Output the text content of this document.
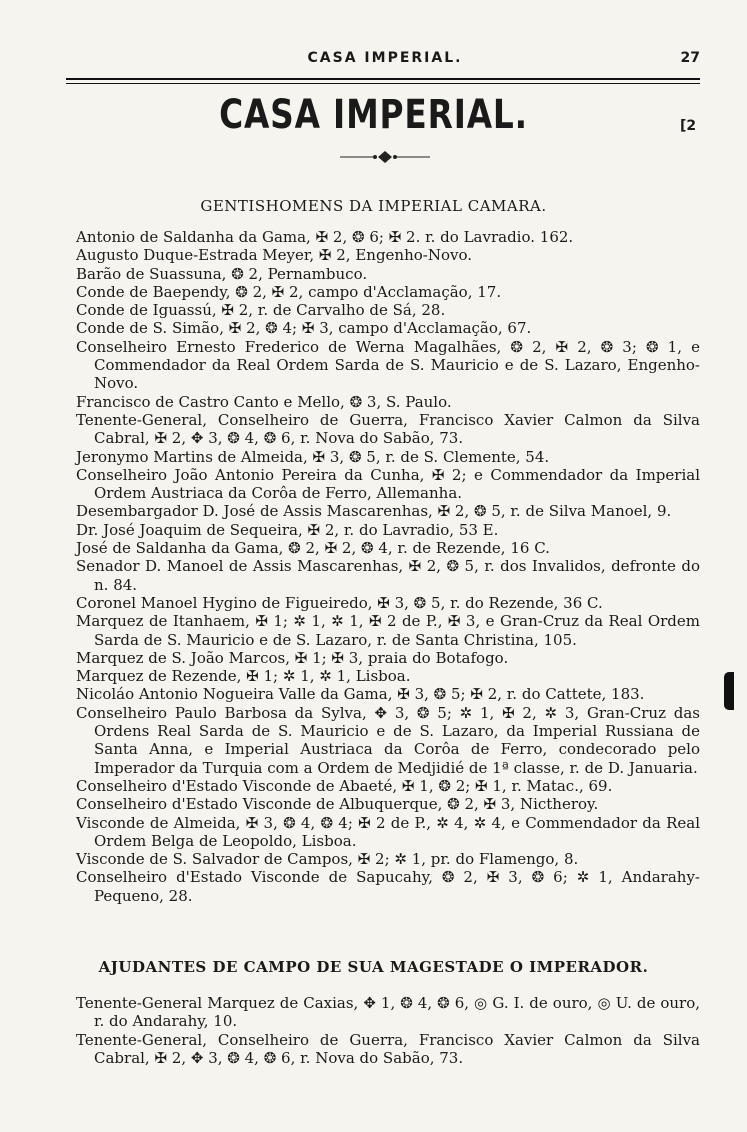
CASA IMPERIAL.	27
CASA IMPERIAL.	[2
GENTISHOMENS DA IMPERIAL CAMARA.
Antonio de Saldanha da Gama, ✠ 2, ❂ 6; ✠ 2. r. do Lavradio. 162.
Augusto Duque-Estrada Meyer, ✠ 2, Engenho-Novo.
Barão de Suassuna, ❂ 2, Pernambuco.
Conde de Baependy, ❂ 2, ✠ 2, campo d'Acclamação, 17.
Conde de Iguassú, ✠ 2, r. de Carvalho de Sá, 28.
Conde de S. Simão, ✠ 2, ❂ 4; ✠ 3, campo d'Acclamação, 67.
Conselheiro Ernesto Frederico de Werna Magalhães, ❂ 2, ✠ 2, ❂ 3; ❂ 1, e Commendador da Real Ordem Sarda de S. Mauricio e de S. Lazaro, Engenho-Novo.
Francisco de Castro Canto e Mello, ❂ 3, S. Paulo.
Tenente-General, Conselheiro de Guerra, Francisco Xavier Calmon da Silva Cabral, ✠ 2, ✥ 3, ❂ 4, ❂ 6, r. Nova do Sabão, 73.
Jeronymo Martins de Almeida, ✠ 3, ❂ 5, r. de S. Clemente, 54.
Conselheiro João Antonio Pereira da Cunha, ✠ 2; e Commendador da Imperial Ordem Austriaca da Corôa de Ferro, Allemanha.
Desembargador D. José de Assis Mascarenhas, ✠ 2, ❂ 5, r. de Silva Manoel, 9.
Dr. José Joaquim de Sequeira, ✠ 2, r. do Lavradio, 53 E.
José de Saldanha da Gama, ❂ 2, ✠ 2, ❂ 4, r. de Rezende, 16 C.
Senador D. Manoel de Assis Mascarenhas, ✠ 2, ❂ 5, r. dos Invalidos, defronte do n. 84.
Coronel Manoel Hygino de Figueiredo, ✠ 3, ❂ 5, r. do Rezende, 36 C.
Marquez de Itanhaem, ✠ 1; ✲ 1, ✲ 1, ✠ 2 de P., ✠ 3, e Gran-Cruz da Real Ordem Sarda de S. Mauricio e de S. Lazaro, r. de Santa Christina, 105.
Marquez de S. João Marcos, ✠ 1; ✠ 3, praia do Botafogo.
Marquez de Rezende, ✠ 1; ✲ 1, ✲ 1, Lisboa.
Nicoláo Antonio Nogueira Valle da Gama, ✠ 3, ❂ 5; ✠ 2, r. do Cattete, 183.
Conselheiro Paulo Barbosa da Sylva, ✥ 3, ❂ 5; ✲ 1, ✠ 2, ✲ 3, Gran-Cruz das Ordens Real Sarda de S. Mauricio e de S. Lazaro, da Imperial Russiana de Santa Anna, e Imperial Austriaca da Corôa de Ferro, condecorado pelo Imperador da Turquia com a Ordem de Medjidié de 1ª classe, r. de D. Januaria.
Conselheiro d'Estado Visconde de Abaeté, ✠ 1, ❂ 2; ✠ 1, r. Matac., 69.
Conselheiro d'Estado Visconde de Albuquerque, ❂ 2, ✠ 3, Nictheroy.
Visconde de Almeida, ✠ 3, ❂ 4, ❂ 4; ✠ 2 de P., ✲ 4, ✲ 4, e Commendador da Real Ordem Belga de Leopoldo, Lisboa.
Visconde de S. Salvador de Campos, ✠ 2; ✲ 1, pr. do Flamengo, 8.
Conselheiro d'Estado Visconde de Sapucahy, ❂ 2, ✠ 3, ❂ 6; ✲ 1, Andarahy-Pequeno, 28.
AJUDANTES DE CAMPO DE SUA MAGESTADE O IMPERADOR.
Tenente-General Marquez de Caxias, ✥ 1, ❂ 4, ❂ 6, ◎ G. I. de ouro, ◎ U. de ouro, r. do Andarahy, 10.
Tenente-General, Conselheiro de Guerra, Francisco Xavier Calmon da Silva Cabral, ✠ 2, ✥ 3, ❂ 4, ❂ 6, r. Nova do Sabão, 73.
